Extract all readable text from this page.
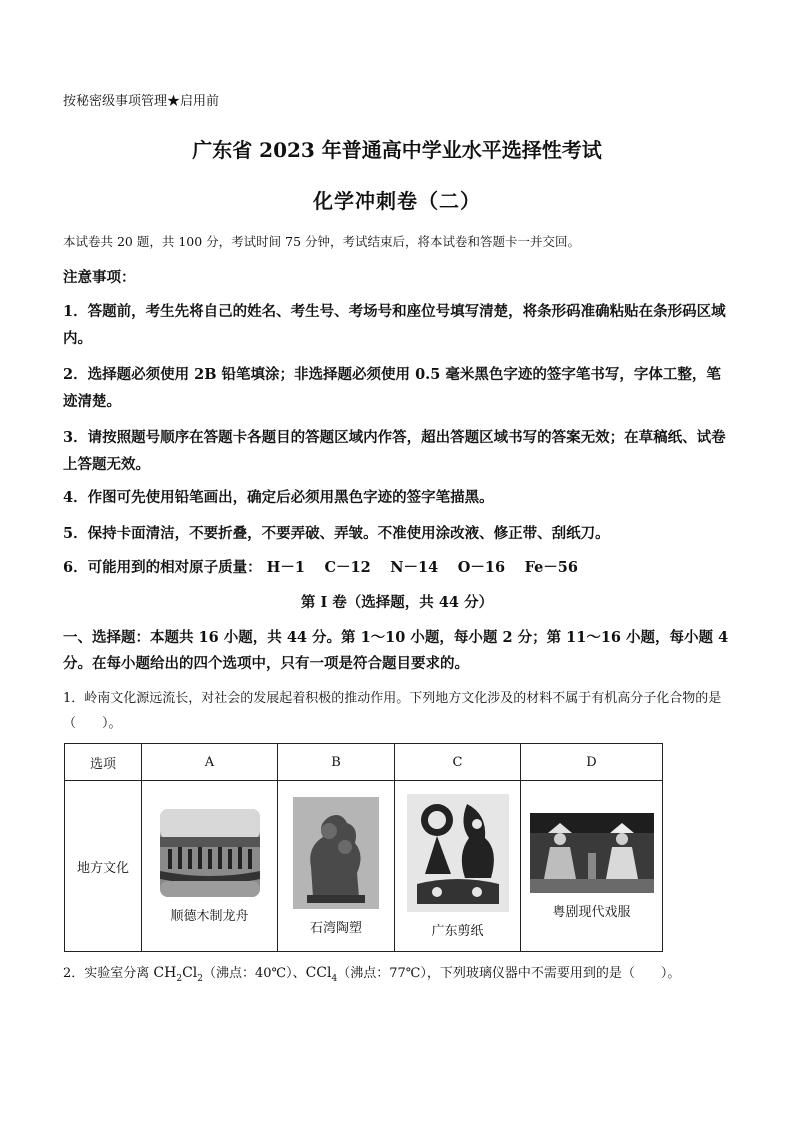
按秘密级事项管理★启用前
广东省 2023 年普通高中学业水平选择性考试
化学冲刺卷（二）
本试卷共 20 题，共 100 分，考试时间 75 分钟，考试结束后，将本试卷和答题卡一并交回。
注意事项：
1．答题前，考生先将自己的姓名、考生号、考场号和座位号填写清楚，将条形码准确粘贴在条形码区域内。
2．选择题必须使用 2B 铅笔填涂；非选择题必须使用 0.5 毫米黑色字迹的签字笔书写，字体工整，笔迹清楚。
3．请按照题号顺序在答题卡各题目的答题区域内作答，超出答题区域书写的答案无效；在草稿纸、试卷上答题无效。
4．作图可先使用铅笔画出，确定后必须用黑色字迹的签字笔描黑。
5．保持卡面清洁，不要折叠，不要弄破、弄皱。不准使用涂改液、修正带、刮纸刀。
6．可能用到的相对原子质量： H－1　 C－12　 N－14　 O－16　 Fe－56
第 I 卷（选择题，共 44 分）
一、选择题：本题共 16 小题，共 44 分。第 1～10 小题，每小题 2 分；第 11～16 小题，每小题 4 分。在每小题给出的四个选项中，只有一项是符合题目要求的。
1．岭南文化源远流长，对社会的发展起着积极的推动作用。下列地方文化涉及的材料不属于有机高分子化合物的是（　　）。
选项	A	B	C	D
地方文化	顺德木制龙舟	石湾陶塑	广东剪纸	粤剧现代戏服
2．实验室分离 $CH_2Cl_2$（沸点：40℃）、CCl$_4$（沸点：77℃），下列玻璃仪器中不需要用到的是（　　）。
